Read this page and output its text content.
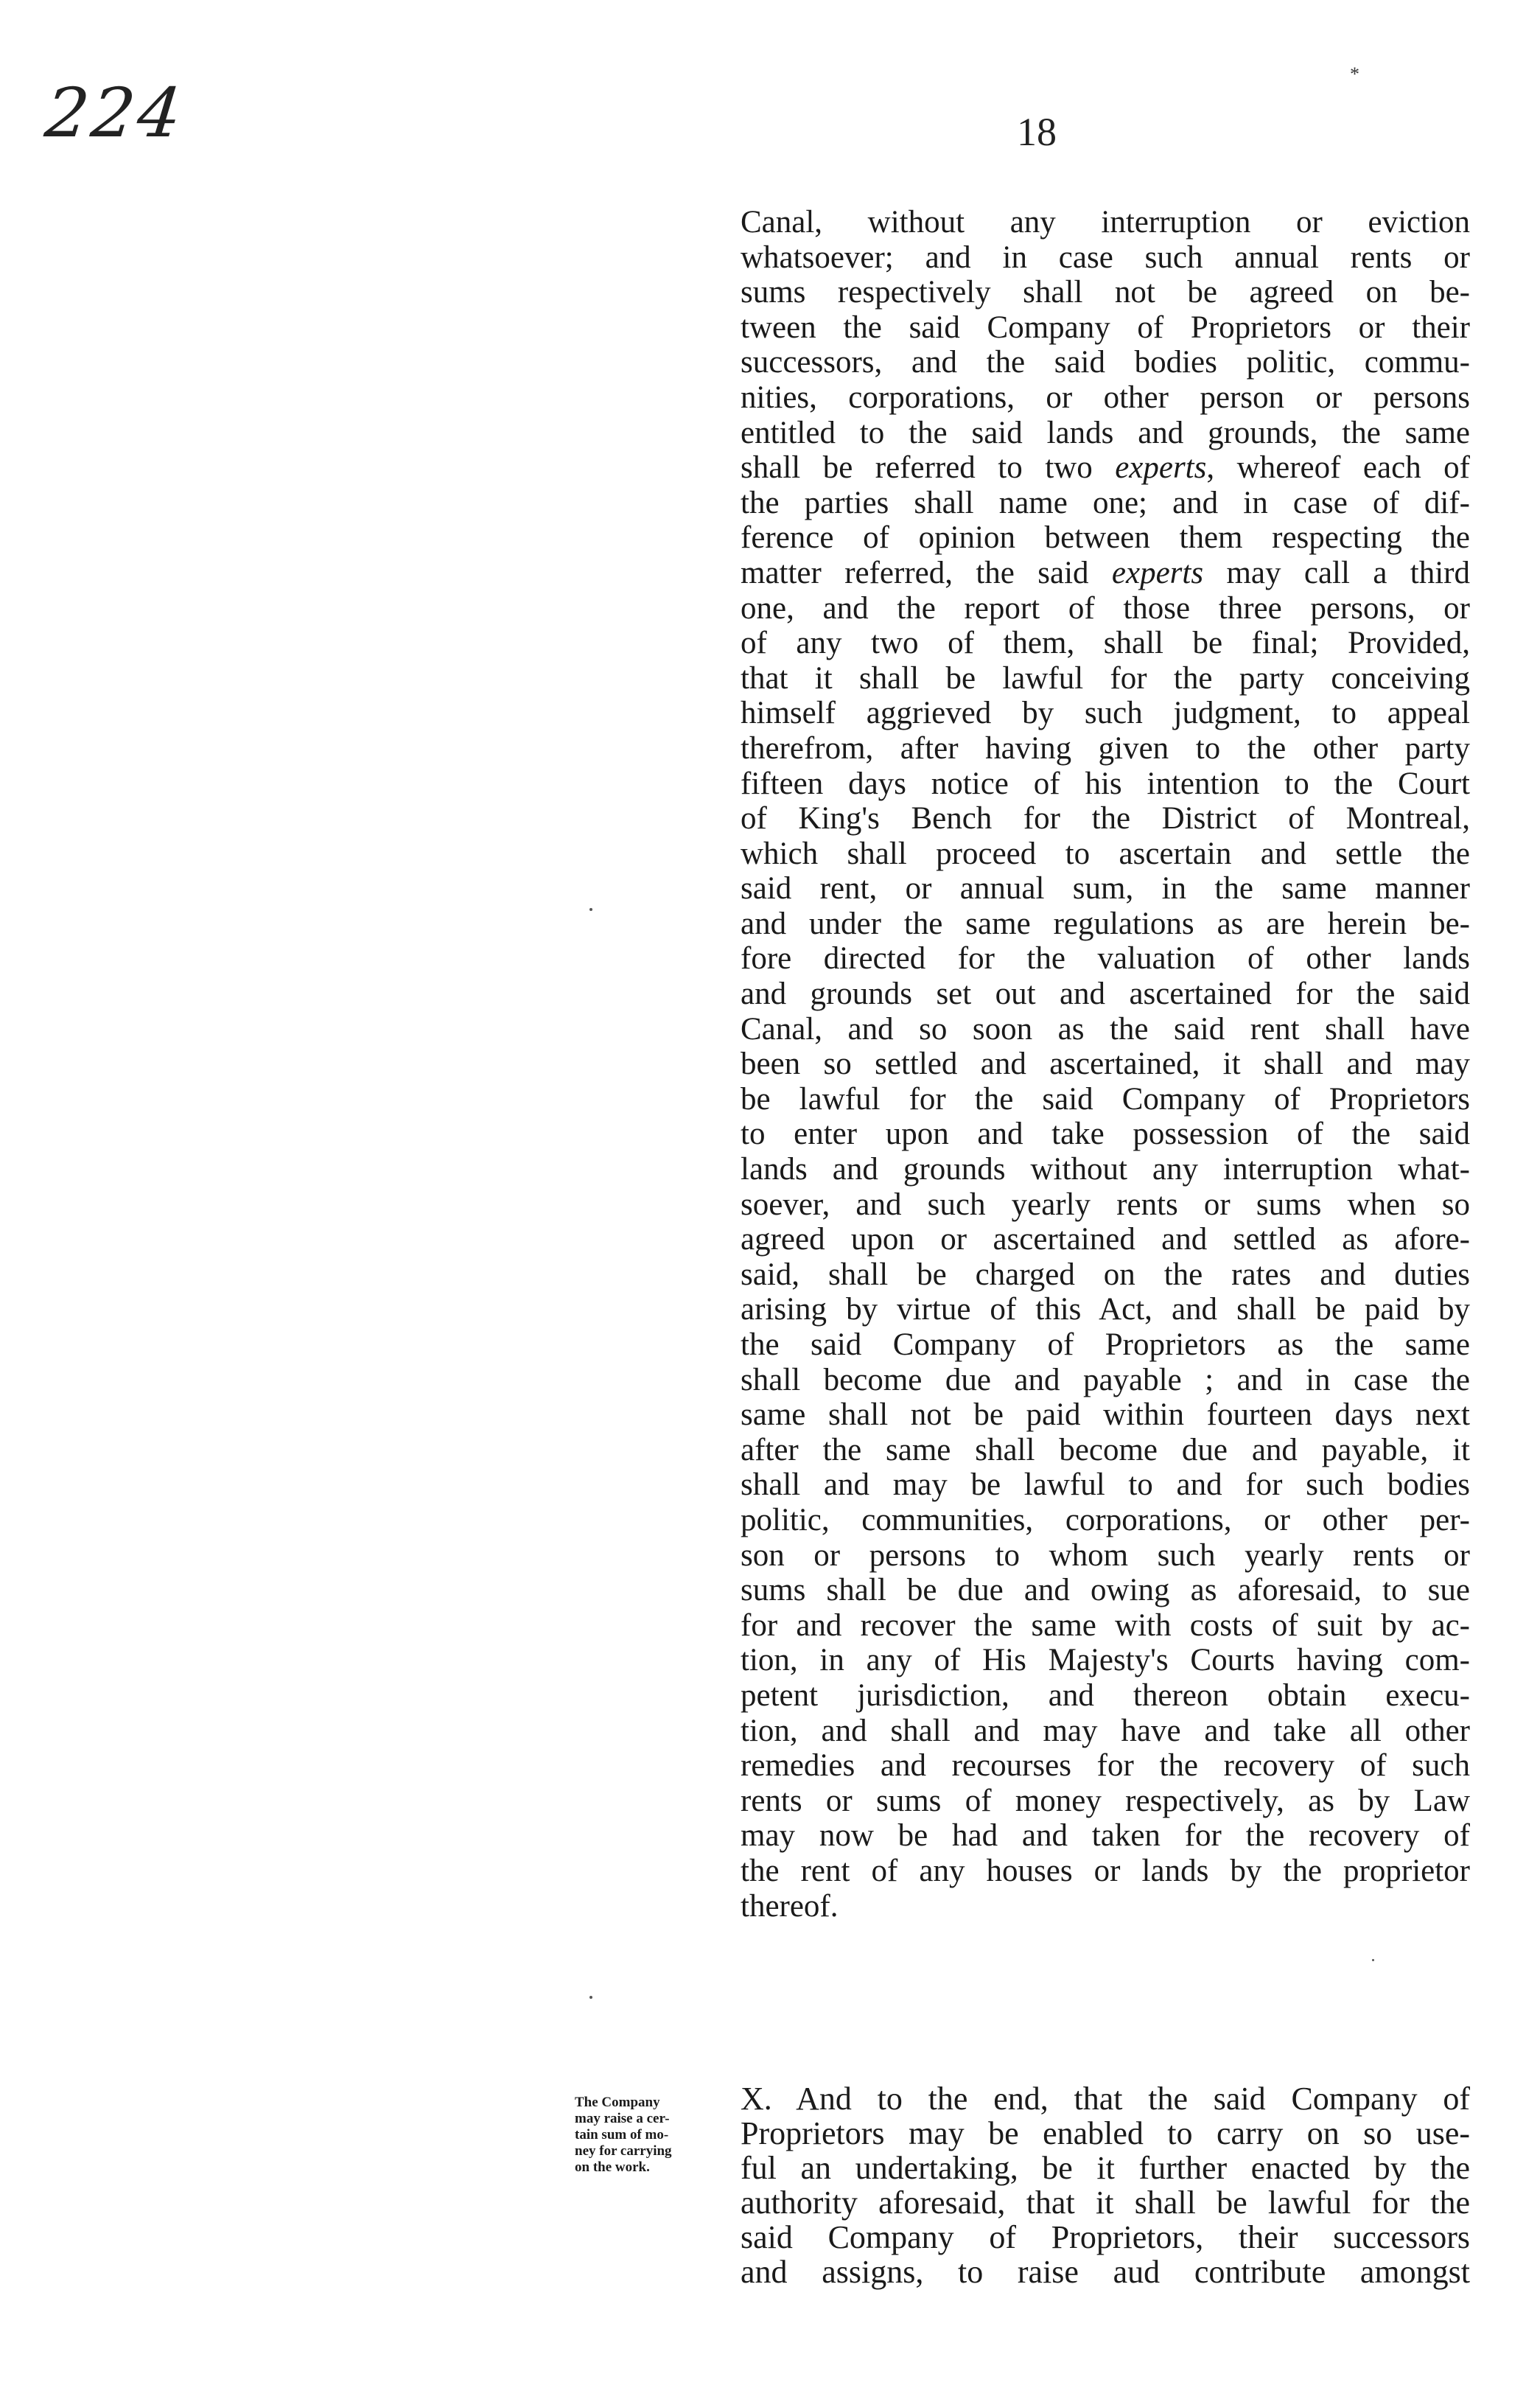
224	18
*
Canal, without any interruption or eviction
whatsoever; and in case such annual rents or
sums respectively shall not be agreed on be-
tween the said Company of Proprietors or their
successors, and the said bodies politic, commu-
nities, corporations, or other person or persons
entitled to the said lands and grounds, the same
shall be referred to two experts, whereof each of
the parties shall name one; and in case of dif-
ference of opinion between them respecting the
matter referred, the said experts may call a third
one, and the report of those three persons, or
of any two of them, shall be final; Provided,
that it shall be lawful for the party conceiving
himself aggrieved by such judgment, to appeal
therefrom, after having given to the other party
fifteen days notice of his intention to the Court
of King's Bench for the District of Montreal,
which shall proceed to ascertain and settle the
said rent, or annual sum, in the same manner
and under the same regulations as are herein be-
fore directed for the valuation of other lands
and grounds set out and ascertained for the said
Canal, and so soon as the said rent shall have
been so settled and ascertained, it shall and may
be lawful for the said Company of Proprietors
to enter upon and take possession of the said
lands and grounds without any interruption what-
soever, and such yearly rents or sums when so
agreed upon or ascertained and settled as afore-
said, shall be charged on the rates and duties
arising by virtue of this Act, and shall be paid by
the said Company of Proprietors as the same
shall become due and payable ; and in case the
same shall not be paid within fourteen days next
after the same shall become due and payable, it
shall and may be lawful to and for such bodies
politic, communities, corporations, or other per-
son or persons to whom such yearly rents or
sums shall be due and owing as aforesaid, to sue
for and recover the same with costs of suit by ac-
tion, in any of His Majesty's Courts having com-
petent jurisdiction, and thereon obtain execu-
tion, and shall and may have and take all other
remedies and recourses for the recovery of such
rents or sums of money respectively, as by Law
may now be had and taken for the recovery of
the rent of any houses or lands by the proprietor
thereof.
The Company
may raise a cer-
tain sum of mo-
ney for carrying
on the work.
X. And to the end, that the said Company of
Proprietors may be enabled to carry on so use-
ful an undertaking, be it further enacted by the
authority aforesaid, that it shall be lawful for the
said Company of Proprietors, their successors
and assigns, to raise aud contribute amongst
